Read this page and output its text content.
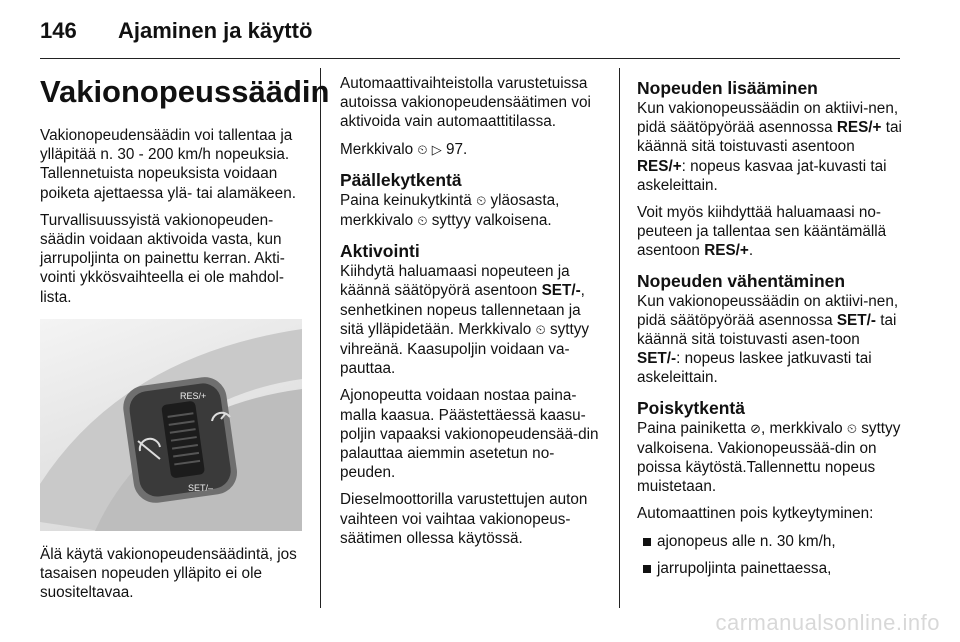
146	Ajaminen ja käyttö
Vakionopeussäädin

Vakionopeudensäädin voi tallentaa ja ylläpitää n. 30 - 200 km/h nopeuksia. Tallennetuista nopeuksista voidaan poiketa ajettaessa ylä- tai alamäkeen.

Turvallisuussyistä vakionopeuden-säädin voidaan aktivoida vasta, kun jarrupoljinta on painettu kerran. Akti-vointi ykkösvaihteella ei ole mahdol-lista.

RES/+
SET/–

Älä käytä vakionopeudensäädintä, jos tasaisen nopeuden ylläpito ei ole suositeltavaa.

Automaattivaihteistolla varustetuissa autoissa vakionopeudensäätimen voi aktivoida vain automaattitilassa.

Merkkivalo ⏲ ▷ 97.

Päällekytkentä

Paina keinukytkintä ⏲ yläosasta, merkkivalo ⏲ syttyy valkoisena.

Aktivointi

Kiihdytä haluamaasi nopeuteen ja käännä säätöpyörä asentoon SET/-, senhetkinen nopeus tallennetaan ja sitä ylläpidetään. Merkkivalo ⏲ syttyy vihreänä. Kaasupoljin voidaan va-pauttaa.

Ajonopeutta voidaan nostaa paina-malla kaasua. Päästettäessä kaasu-poljin vapaaksi vakionopeudensää-din palauttaa aiemmin asetetun no-peuden.

Dieselmoottorilla varustettujen auton vaihteen voi vaihtaa vakionopeus-säätimen ollessa käytössä.

Nopeuden lisääminen

Kun vakionopeussäädin on aktiivi-nen, pidä säätöpyörää asennossa RES/+ tai käännä sitä toistuvasti asentoon RES/+: nopeus kasvaa jat-kuvasti tai askeleittain.

Voit myös kiihdyttää haluamaasi no-peuteen ja tallentaa sen kääntämällä asentoon RES/+.

Nopeuden vähentäminen

Kun vakionopeussäädin on aktiivi-nen, pidä säätöpyörää asennossa SET/- tai käännä sitä toistuvasti asen-toon SET/-: nopeus laskee jatkuvasti tai askeleittain.

Poiskytkentä

Paina painiketta ⊘, merkkivalo ⏲ syttyy valkoisena. Vakionopeussää-din on poissa käytöstä.Tallennettu nopeus muistetaan.

Automaattinen pois kytkeytyminen:

ajonopeus alle n. 30 km/h,
jarrupoljinta painettaessa,
carmanualsonline.info
